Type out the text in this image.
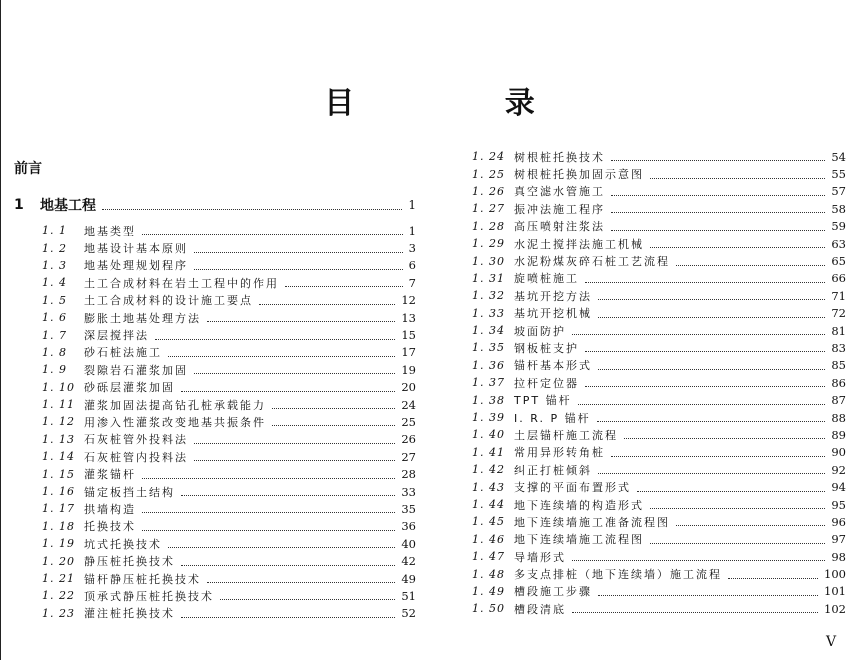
目 录
前言
1	地基工程	1
1. 1	地基类型	1
1. 2	地基设计基本原则	3
1. 3	地基处理规划程序	6
1. 4	土工合成材料在岩土工程中的作用	7
1. 5	土工合成材料的设计施工要点	12
1. 6	膨胀土地基处理方法	13
1. 7	深层搅拌法	15
1. 8	砂石桩法施工	17
1. 9	裂隙岩石灌浆加固	19
1. 10 砂砾层灌浆加固	20
1. 11 灌浆加固法提高钻孔桩承载能力	24
1. 12 用渗入性灌浆改变地基共振条件	25
1. 13 石灰桩管外投料法	26
1. 14 石灰桩管内投料法	27
1. 15 灌浆锚杆	28
1. 16 锚定板挡土结构	33
1. 17 拱墙构造	35
1. 18 托换技术	36
1. 19 坑式托换技术	40
1. 20 静压桩托换技术	42
1. 21 锚杆静压桩托换技术	49
1. 22 顶承式静压桩托换技术	51
1. 23 灌注桩托换技术	52
1. 24 树根桩托换技术	54
1. 25 树根桩托换加固示意图	55
1. 26 真空滤水管施工	57
1. 27 振冲法施工程序	58
1. 28 高压喷射注浆法	59
1. 29 水泥土搅拌法施工机械	63
1. 30 水泥粉煤灰碎石桩工艺流程	65
1. 31 旋喷桩施工	66
1. 32 基坑开挖方法	71
1. 33 基坑开挖机械	72
1. 34 坡面防护	81
1. 35 钢板桩支护	83
1. 36 锚杆基本形式	85
1. 37 拉杆定位器	86
1. 38 TPT 锚杆	87
1. 39 I. R. P 锚杆	88
1. 40 土层锚杆施工流程	89
1. 41 常用异形转角桩	90
1. 42 纠正打桩倾斜	92
1. 43 支撑的平面布置形式	94
1. 44 地下连续墙的构造形式	95
1. 45 地下连续墙施工准备流程图	96
1. 46 地下连续墙施工流程图	97
1. 47 导墙形式	98
1. 48 多支点排桩（地下连续墙）施工流程	100
1. 49 槽段施工步骤	101
1. 50 槽段清底	102
V
